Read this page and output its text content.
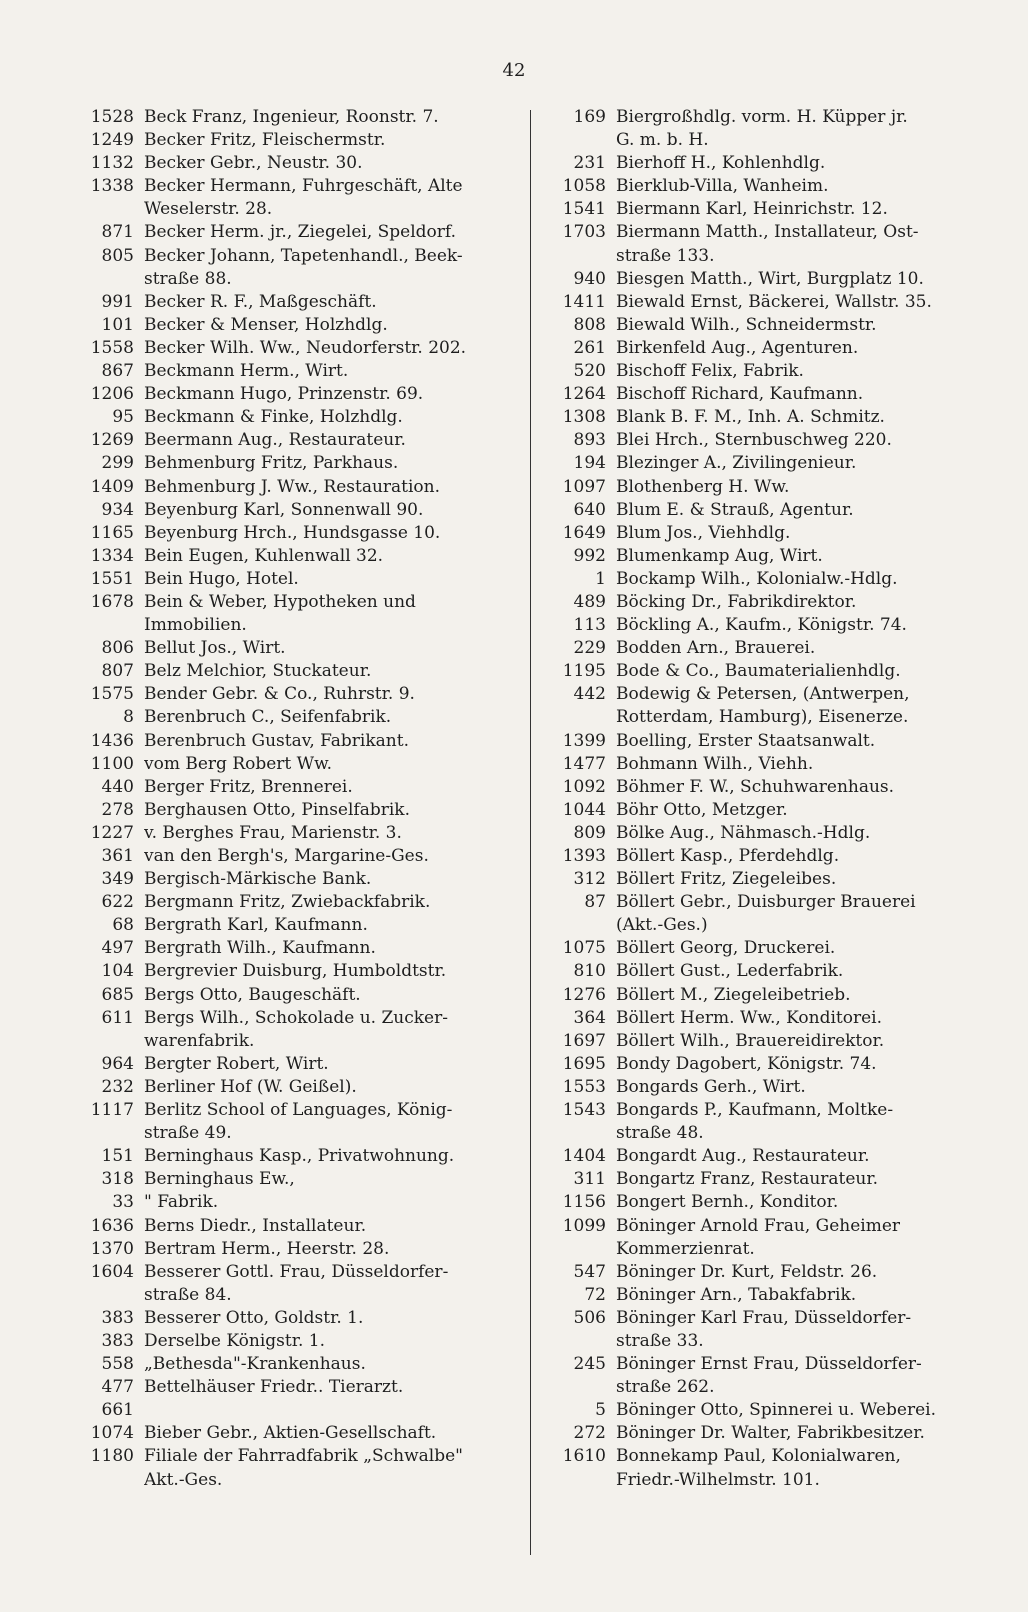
42
1528 Beck Franz, Ingenieur, Roonstr. 7.
1249 Becker Fritz, Fleischermstr.
1132 Becker Gebr., Neustr. 30.
1338 Becker Hermann, Fuhrgeschäft, Alte
Weselerstr. 28.
871 Becker Herm. jr., Ziegelei, Speldorf.
805 Becker Johann, Tapetenhandl., Beek-
straße 88.
991 Becker R. F., Maßgeschäft.
101 Becker & Menser, Holzhdlg.
1558 Becker Wilh. Ww., Neudorferstr. 202.
867 Beckmann Herm., Wirt.
1206 Beckmann Hugo, Prinzenstr. 69.
95 Beckmann & Finke, Holzhdlg.
1269 Beermann Aug., Restaurateur.
299 Behmenburg Fritz, Parkhaus.
1409 Behmenburg J. Ww., Restauration.
934 Beyenburg Karl, Sonnenwall 90.
1165 Beyenburg Hrch., Hundsgasse 10.
1334 Bein Eugen, Kuhlenwall 32.
1551 Bein Hugo, Hotel.
1678 Bein & Weber, Hypotheken und
Immobilien.
806 Bellut Jos., Wirt.
807 Belz Melchior, Stuckateur.
1575 Bender Gebr. & Co., Ruhrstr. 9.
8 Berenbruch C., Seifenfabrik.
1436 Berenbruch Gustav, Fabrikant.
1100 vom Berg Robert Ww.
440 Berger Fritz, Brennerei.
278 Berghausen Otto, Pinselfabrik.
1227 v. Berghes Frau, Marienstr. 3.
361 van den Bergh's, Margarine-Ges.
349 Bergisch-Märkische Bank.
622 Bergmann Fritz, Zwiebackfabrik.
68 Bergrath Karl, Kaufmann.
497 Bergrath Wilh., Kaufmann.
104 Bergrevier Duisburg, Humboldtstr.
685 Bergs Otto, Baugeschäft.
611 Bergs Wilh., Schokolade u. Zucker-
warenfabrik.
964 Bergter Robert, Wirt.
232 Berliner Hof (W. Geißel).
1117 Berlitz School of Languages, König-
straße 49.
151 Berninghaus Kasp., Privatwohnung.
318 Berninghaus Ew.,
33 " Fabrik.
1636 Berns Diedr., Installateur.
1370 Bertram Herm., Heerstr. 28.
1604 Besserer Gottl. Frau, Düsseldorfer-
straße 84.
383 Besserer Otto, Goldstr. 1.
383 Derselbe Königstr. 1.
558 „Bethesda"-Krankenhaus.
477 Bettelhäuser Friedr.. Tierarzt.
661
1074 Bieber Gebr., Aktien-Gesellschaft.
1180 Filiale der Fahrradfabrik „Schwalbe"
Akt.-Ges.
169 Biergroßhdlg. vorm. H. Küpper jr.
G. m. b. H.
231 Bierhoff H., Kohlenhdlg.
1058 Bierklub-Villa, Wanheim.
1541 Biermann Karl, Heinrichstr. 12.
1703 Biermann Matth., Installateur, Ost-
straße 133.
940 Biesgen Matth., Wirt, Burgplatz 10.
1411 Biewald Ernst, Bäckerei, Wallstr. 35.
808 Biewald Wilh., Schneidermstr.
261 Birkenfeld Aug., Agenturen.
520 Bischoff Felix, Fabrik.
1264 Bischoff Richard, Kaufmann.
1308 Blank B. F. M., Inh. A. Schmitz.
893 Blei Hrch., Sternbuschweg 220.
194 Blezinger A., Zivilingenieur.
1097 Blothenberg H. Ww.
640 Blum E. & Strauß, Agentur.
1649 Blum Jos., Viehhdlg.
992 Blumenkamp Aug, Wirt.
1 Bockamp Wilh., Kolonialw.-Hdlg.
489 Böcking Dr., Fabrikdirektor.
113 Böckling A., Kaufm., Königstr. 74.
229 Bodden Arn., Brauerei.
1195 Bode & Co., Baumaterialienhdlg.
442 Bodewig & Petersen, (Antwerpen,
Rotterdam, Hamburg), Eisenerze.
1399 Boelling, Erster Staatsanwalt.
1477 Bohmann Wilh., Viehh.
1092 Böhmer F. W., Schuhwarenhaus.
1044 Böhr Otto, Metzger.
809 Bölke Aug., Nähmasch.-Hdlg.
1393 Böllert Kasp., Pferdehdlg.
312 Böllert Fritz, Ziegeleibes.
87 Böllert Gebr., Duisburger Brauerei
(Akt.-Ges.)
1075 Böllert Georg, Druckerei.
810 Böllert Gust., Lederfabrik.
1276 Böllert M., Ziegeleibetrieb.
364 Böllert Herm. Ww., Konditorei.
1697 Böllert Wilh., Brauereidirektor.
1695 Bondy Dagobert, Königstr. 74.
1553 Bongards Gerh., Wirt.
1543 Bongards P., Kaufmann, Moltke-
straße 48.
1404 Bongardt Aug., Restaurateur.
311 Bongartz Franz, Restaurateur.
1156 Bongert Bernh., Konditor.
1099 Böninger Arnold Frau, Geheimer
Kommerzienrat.
547 Böninger Dr. Kurt, Feldstr. 26.
72 Böninger Arn., Tabakfabrik.
506 Böninger Karl Frau, Düsseldorfer-
straße 33.
245 Böninger Ernst Frau, Düsseldorfer-
straße 262.
5 Böninger Otto, Spinnerei u. Weberei.
272 Böninger Dr. Walter, Fabrikbesitzer.
1610 Bonnekamp Paul, Kolonialwaren,
Friedr.-Wilhelmstr. 101.
